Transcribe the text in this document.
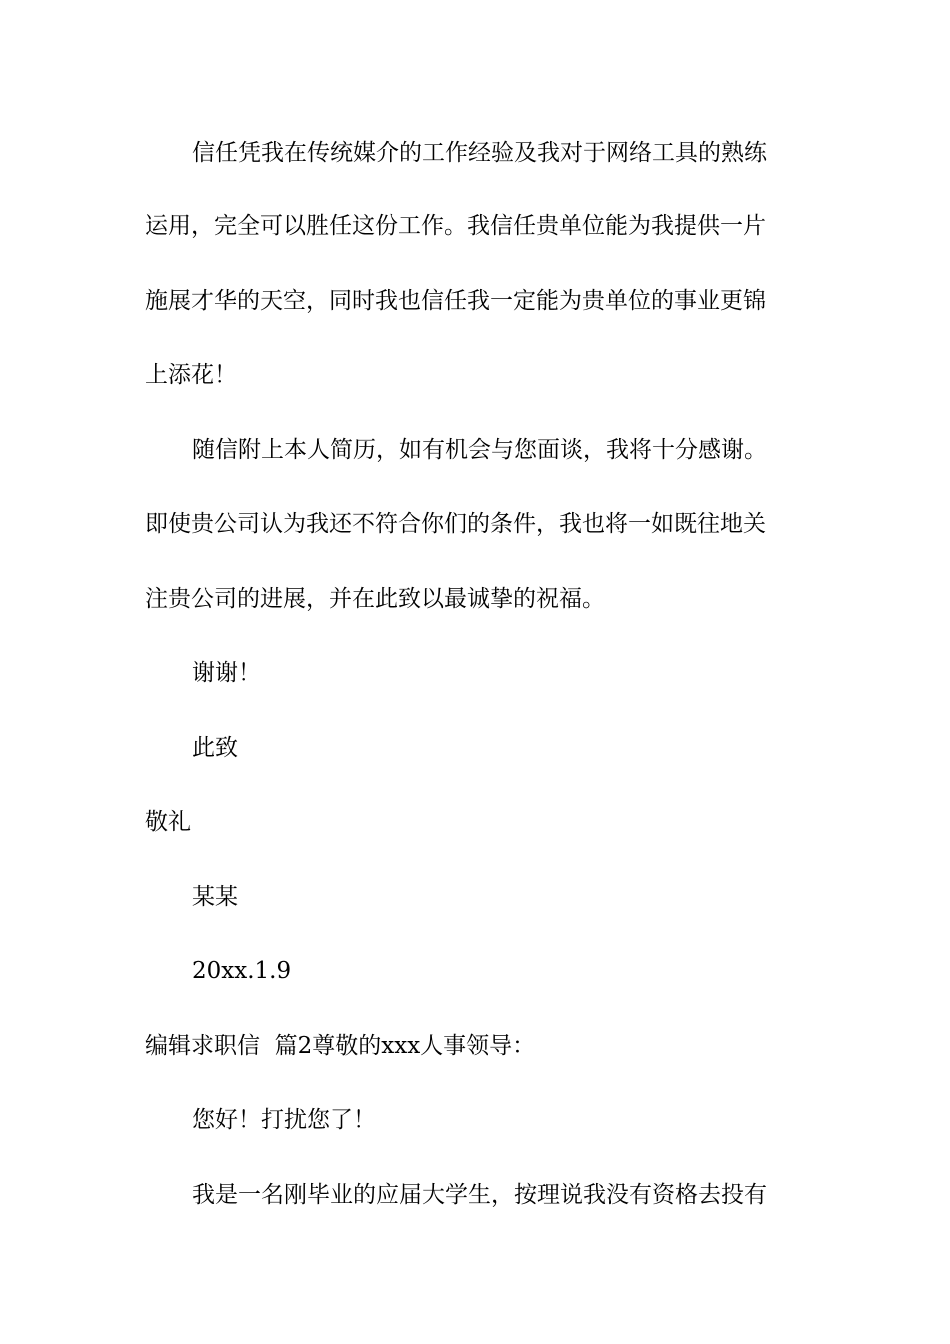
信任凭我在传统媒介的工作经验及我对于网络工具的熟练
运用，完全可以胜任这份工作。我信任贵单位能为我提供一片
施展才华的天空，同时我也信任我一定能为贵单位的事业更锦
上添花！
随信附上本人简历，如有机会与您面谈，我将十分感谢。
即使贵公司认为我还不符合你们的条件，我也将一如既往地关
注贵公司的进展，并在此致以最诚挚的祝福。
谢谢！
此致
敬礼
某某
20xx.1.9
编辑求职信  篇2尊敬的xxx人事领导：
您好！打扰您了！
我是一名刚毕业的应届大学生，按理说我没有资格去投有
